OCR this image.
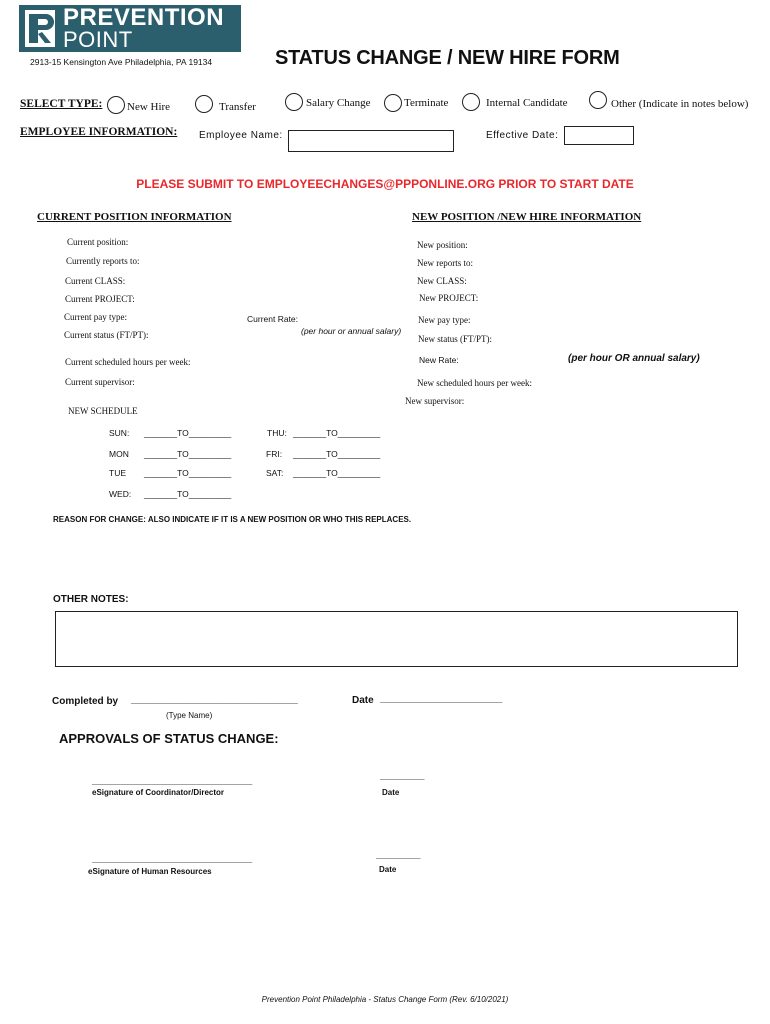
PREVENTION
POINT
2913-15 Kensington Ave Philadelphia, PA 19134	STATUS CHANGE / NEW HIRE FORM
SELECT TYPE: New Hire	Transfer	Salary Change	Terminate	Internal Candidate	Other (Indicate in notes below)
EMPLOYEE INFORMATION: Employee Name:	Effective Date:
PLEASE SUBMIT TO EMPLOYEECHANGES@PPPONLINE.ORG PRIOR TO START DATE
CURRENT POSITION INFORMATION	NEW POSITION /NEW HIRE INFORMATION
Current position:
Currently reports to:
Current CLASS:
Current PROJECT:
Current pay type:
Current status (FT/PT):
Current Rate:
(per hour or annual salary)
Current scheduled hours per week:
Current supervisor:
New position:
New reports to:
New CLASS:
New PROJECT:
New pay type:
New status (FT/PT):
New Rate:	(per hour OR annual salary)
New scheduled hours per week:
New supervisor:
NEW SCHEDULE
SUN: _______TO_________
MON _______TO_________
TUE _______TO_________
WED: _______TO_________
THU: _______TO_________
FRI: _______TO_________
SAT: _______TO_________
REASON FOR CHANGE: ALSO INDICATE IF IT IS A NEW POSITION OR WHO THIS REPLACES.
OTHER NOTES:
Completed by ______________________________	Date ______________________
(Type Name)
APPROVALS OF STATUS CHANGE:
____________________________________
__________
eSignature of Coordinator/Director	Date
____________________________________	__________
eSignature of Human Resources	Date
Prevention Point Philadelphia - Status Change Form (Rev. 6/10/2021)
